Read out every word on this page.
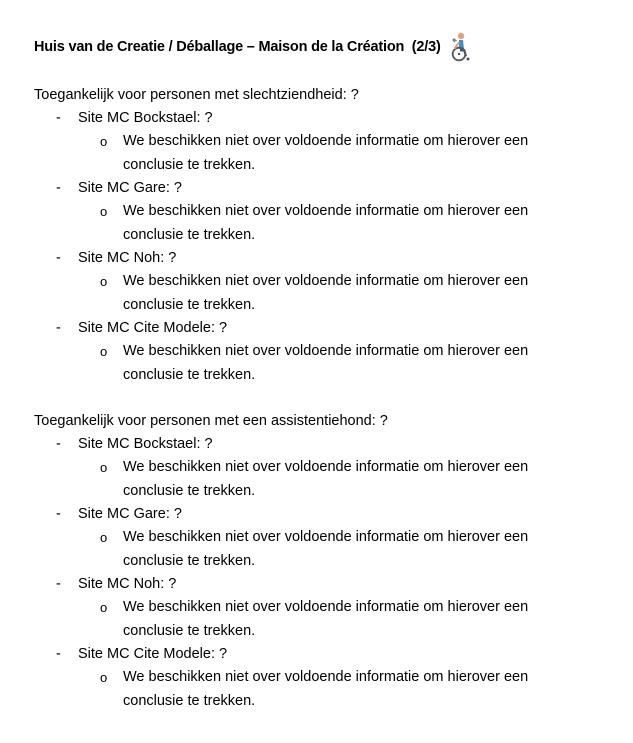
Huis van de Creatie / Déballage – Maison de la Création  (2/3)
Toegankelijk voor personen met slechtziendheid: ?
- Site MC Bockstael: ?
o We beschikken niet over voldoende informatie om hierover een conclusie te trekken.
- Site MC Gare: ?
o We beschikken niet over voldoende informatie om hierover een conclusie te trekken.
- Site MC Noh: ?
o We beschikken niet over voldoende informatie om hierover een conclusie te trekken.
- Site MC Cite Modele: ?
o We beschikken niet over voldoende informatie om hierover een conclusie te trekken.
Toegankelijk voor personen met een assistentiehond: ?
- Site MC Bockstael: ?
o We beschikken niet over voldoende informatie om hierover een conclusie te trekken.
- Site MC Gare: ?
o We beschikken niet over voldoende informatie om hierover een conclusie te trekken.
- Site MC Noh: ?
o We beschikken niet over voldoende informatie om hierover een conclusie te trekken.
- Site MC Cite Modele: ?
o We beschikken niet over voldoende informatie om hierover een conclusie te trekken.
